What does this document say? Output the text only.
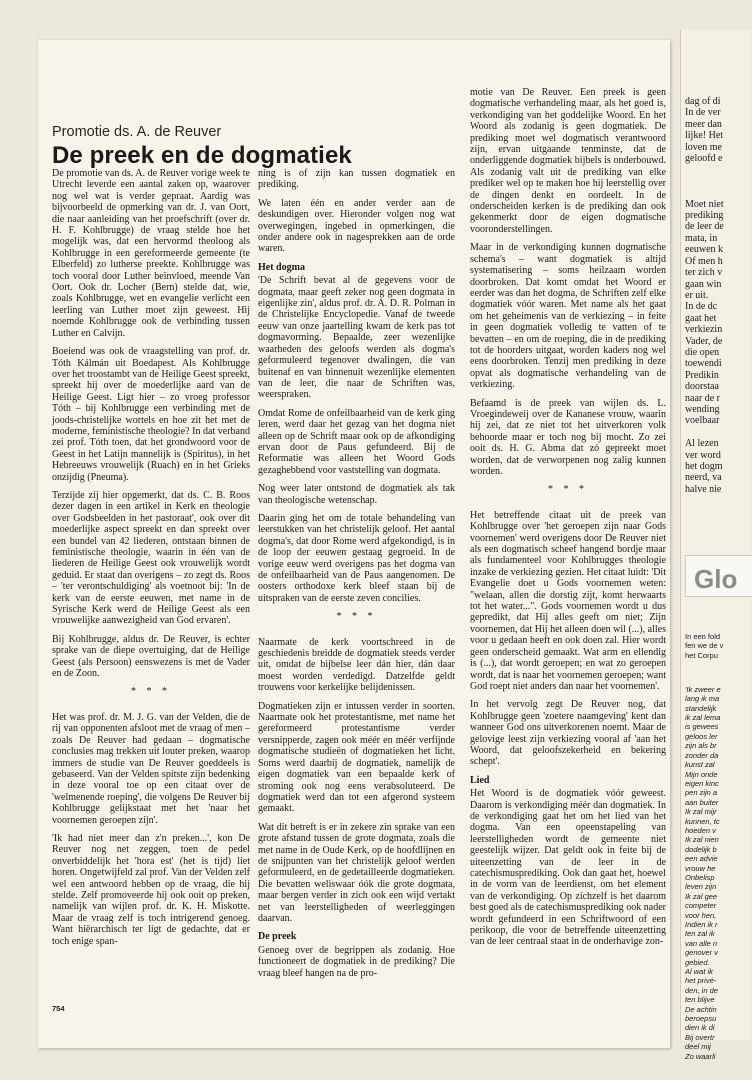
dag of di
In de ver
meer dan
lijke! Het
loven me
geloofd e

Moet niet
prediking
de leer de
mata, in
eeuwen k
Of men h
ter zich v
gaan win
er uit.
In de dc
gaat het
verkiezin
Vader, de
die open
toewendi
Predikin
doorstaa
naar de r
wending
voelbaar

Al lezen
ver word
het dogm
neerd, va
halve nie
Glo

In een fold
fen we de v
het Corpu

'Ik zweer e
lang ik ma
standelijk
ik zal lema
is gewees
geloos ler
zijn als br
zonder da
kunst zal
Mijn onde
eigen kinc
pen zijn a
aan buiter
Ik zal mijr
kunnen, tc
hoeden v
Ik zal nien
dodelijk b
een advie
vrouw he
Onbelisp
leven zijn
Ik zal gee
competer
voor hen,
Indien ik r
ten zal ik
van alle n
genover v
gebied.
Al wat ik
het privé-
den, in de
ten blijve
De achtin
beroepsu
dien ik di
Bij overtr
deel mij
Zo waarli

Promotie ds. A. de Reuver
De preek en de dogmatiek

De promotie van ds. A. de Reuver vorige week te Utrecht leverde een aantal zaken op, waarover nog wel wat is verder gepraat. Aardig was bijvoorbeeld de opmerking van dr. J. van Oort, die naar aanleiding van het proefschrift (over dr. H. F. Kohlbrugge) de vraag stelde hoe het mogelijk was, dat een hervormd theoloog als Kohlbrugge in een gereformeerde gemeente (te Elberfeld) zo lutherse preekte. Kohlbrugge was toch vooral door Luther beïnvloed, meende Van Oort. Ook dr. Locher (Bern) stelde dat, wie, zoals Kohlbrugge, wet en evangelie verlicht een leerling van Luther moet zijn geweest. Hij noemde Kohlbrugge ook de verbinding tussen Luther en Calvijn.

Boeiend was ook de vraagstelling van prof. dr. Tóth Kálmán uit Boedapest. Als Kohlbrugge over het troostambt van de Heilige Geest spreekt, spreekt hij over de moederlijke aard van de Heilige Geest. Ligt hier – zo vroeg professor Tóth – bij Kohlbrugge een verbinding met de joods-christelijke wortels en hoe zit het met de moderne, feministische theologie? In dat verband zei prof. Tóth toen, dat het grondwoord voor de Geest in het Latijn mannelijk is (Spiritus), in het Hebreeuws vrouwelijk (Ruach) en in het Grieks onzijdig (Pneuma).

Terzijde zij hier opgemerkt, dat ds. C. B. Roos dezer dagen in een artikel in Kerk en theologie over Godsbeelden in het pastoraat', ook over dit moederlijke aspect spreekt en dan spreekt over een bundel van 42 liederen, ontstaan binnen de feministische theologie, waarin in één van de liederen de Heilige Geest ook vrouwelijk wordt geduid. Er staat dan overigens – zo zegt ds. Roos – 'ter verontschuldiging' als voetnoot bij: 'In de kerk van de eerste eeuwen, met name in de Syrische Kerk werd de Heilige Geest als een vrouwelijke aanwezigheid van God ervaren'.

Bij Kohlbrugge, aldus dr. De Reuver, is echter sprake van de diepe overtuiging, dat de Heilige Geest (als Persoon) eenswezens is met de Vader en de Zoon.

* * *

Het was prof. dr. M. J. G. van der Velden, die de rij van opponenten afsloot met de vraag of men – zoals De Reuver had gedaan – dogmatische conclusies mag trekken uit louter preken, waarop immers de studie van De Reuver goeddeels is gebaseerd. Van der Velden spitste zijn bedenking in deze vooral toe op een citaat over de 'welmenende roeping', die volgens De Reuver bij Kohlbrugge gelijkstaat met het 'naar het voornemen geroepen zijn'.

'Ik had niet meer dan z'n preken...', kon De Reuver nog net zeggen, toen de pedel onverbiddelijk het 'hora est' (het is tijd) liet horen. Ongetwijfeld zal prof. Van der Velden zelf wel een antwoord hebben op de vraag, die hij stelde. Zelf promoveerde hij ook ooit op preken, namelijk van wijlen prof. dr. K. H. Miskotte. Maar de vraag zelf is toch intrigerend genoeg. Want hiërarchisch ter ligt de gedachte, dat er toch enige span-

ning is of zijn kan tussen dogmatiek en prediking.

We laten één en ander verder aan de deskundigen over. Hieronder volgen nog wat overwegingen, ingebed in opmerkingen, die onder andere ook in nagesprekken aan de orde waren.

Het dogma

'De Schrift bevat al de gegevens voor de dogmata, maar geeft zeker nog geen dogmata in eigenlijke zin', aldus prof. dr. A. D. R. Polman in de Christelijke Encyclopedie. Vanaf de tweede eeuw van onze jaartelling kwam de kerk pas tot dogmavorming. Bepaalde, zeer wezenlijke waarheden des geloofs werden als dogma's geformuleerd tegenover dwalingen, die van buitenaf en van binnenuit wezenlijke elementen van de leer, die naar de Schriften was, weerspraken.

Omdat Rome de onfeilbaarheid van de kerk ging leren, werd daar het gezag van het dogma niet alleen op de Schrift maar ook op de afkondiging ervan door de Paus gefundeerd. Bij de Reformatie was alleen het Woord Gods gezaghebbend voor vaststelling van dogmata.

Nog weer later ontstond de dogmatiek als tak van theologische wetenschap.

Daarin ging het om de totale behandeling van leerstukken van het christelijk geloof. Het aantal dogma's, dat door Rome werd afgekondigd, is in de loop der eeuwen gestaag gegroeid. In de vorige eeuw werd overigens pas het dogma van de onfeilbaarheid van de Paus aangenomen. De oosters orthodoxe kerk bleef staan bij de uitspraken van de eerste zeven concilies.

* * *

Naarmate de kerk voortschreed in de geschiedenis breidde de dogmatiek steeds verder uit, omdat de bijbelse leer dán hier, dán daar moest worden verdedigd. Datzelfde geldt trouwens voor kerkelijke belijdenissen.

Dogmatieken zijn er intussen verder in soorten. Naarmate ook het protestantisme, met name het gereformeerd protestantisme verder versnipperde, zagen ook méér en méér verfijnde dogmatische studieën of dogmatieken het licht. Soms werd daarbij de dogmatiek, namelijk de eigen dogmatiek van een bepaalde kerk of stroming ook nog eens verabsoluteerd. De dogmatiek werd dan tot een afgerond systeem gemaakt.

Wat dit betreft is er in zekere zin sprake van een grote afstand tussen de grote dogmata, zoals die met name in de Oude Kerk, op de hoofdlijnen en de snijpunten van het christelijk geloof werden geformuleerd, en de gedetailleerde dogmatieken. Die bevatten weliswaar óók die grote dogmata, maar bergen verder in zich ook een wijd vertakt net van leerstelligheden of weerleggingen daarvan.

De preek

Genoeg over de begrippen als zodanig. Hoe functioneert de dogmatiek in de prediking? Die vraag bleef hangen na de pro-

motie van De Reuver. Een preek is geen dogmatische verhandeling maar, als het goed is, verkondiging van het goddelijke Woord. En het Woord als zodanig is geen dogmatiek. De prediking moet wel dogmatisch verantwoord zijn, ervan uitgaande tenminste, dat de onderliggende dogmatiek bijbels is onderbouwd. Als zodanig valt uit de prediking van elke prediker wel op te maken hoe hij leerstellig over de dingen denkt en oordeelt. In de onderscheiden kerken is de prediking dan ook gekenmerkt door de eigen dogmatische vooronderstellingen.

Maar in de verkondiging kunnen dogmatische schema's – want dogmatiek is altijd systematisering – soms heilzaam worden doorbroken. Dat komt omdat het Woord er eerder was dan het dogma, de Schriften zelf elke dogmatiek vóór waren. Met name als het gaat om het geheimenis van de verkiezing – in feite in geen dogmatiek volledig te vatten of te bevatten – en om de roeping, die in de prediking tot de hoorders uitgaat, worden kaders nog wel eens doorbroken. Tenzij men prediking in deze opvat als dogmatische verhandeling van de verkiezing.

Befaamd is de preek van wijlen ds. L. Vroegindeweij over de Kananese vrouw, waarin hij zei, dat ze niet tot het uitverkoren volk behoorde maar er toch nog bij mocht. Zo zei ooit ds. H. G. Abma dat zó gepreekt moet worden, dat de verworpenen nog zalig kunnen worden.

* * *

Het betreffende citaat uit de preek van Kohlbrugge over 'het geroepen zijn naar Gods voornemen' werd overigens door De Reuver niet als een dogmatisch scheef hangend bordje maar als fundamenteel voor Kohlbrugges theologie inzake de verkiezing gezien. Het citaat luidt: 'Dit Evangelie doet u Gods voornemen weten: "welaan, allen die dorstig zijt, komt herwaarts tot het water...". Gods voornemen wordt u dus gepredikt, dat Hij alles geeft om niet; Zijn voornemen, dat Hij het alleen doen wil (...), alles voor u gedaan heeft en ook doen zal. Hier wordt geen onderscheid gemaakt. Wat arm en ellendig is (...), dat wordt geroepen; en wat zo geroepen wordt, dat is naar het voornemen geroepen; want God roept niet anders dan naar het voornemen'.

In het vervolg zegt De Reuver nog, dat Kohlbrugge geen 'zoetere naamgeving' kent dan wanneer God ons uitverkorenen noemt. Maar de gelovige leest zijn verkiezing vooral af 'aan het Woord, dat geloofszekerheid en bekering schept'.

Lied

Het Woord is de dogmatiek vóór geweest. Daarom is verkondiging méér dan dogmatiek. In de verkondiging gaat het om het lied van het dogma. Van een opeenstapeling van leerstelligheden wordt de gemeente niet geestelijk wijzer. Dat geldt ook in feite bij de uiteenzetting van de leer in de catechismusprediking. Ook dan gaat het, hoewel in de vorm van de leerdienst, om het element van de verkondiging. Op zichzelf is het daarom best goed als de catechismusprediking ook nader wordt gefundeerd in een Schriftwoord of een perikoop, die voor de betreffende uiteenzetting van de leer centraal staat in de onderhavige zon-

754
